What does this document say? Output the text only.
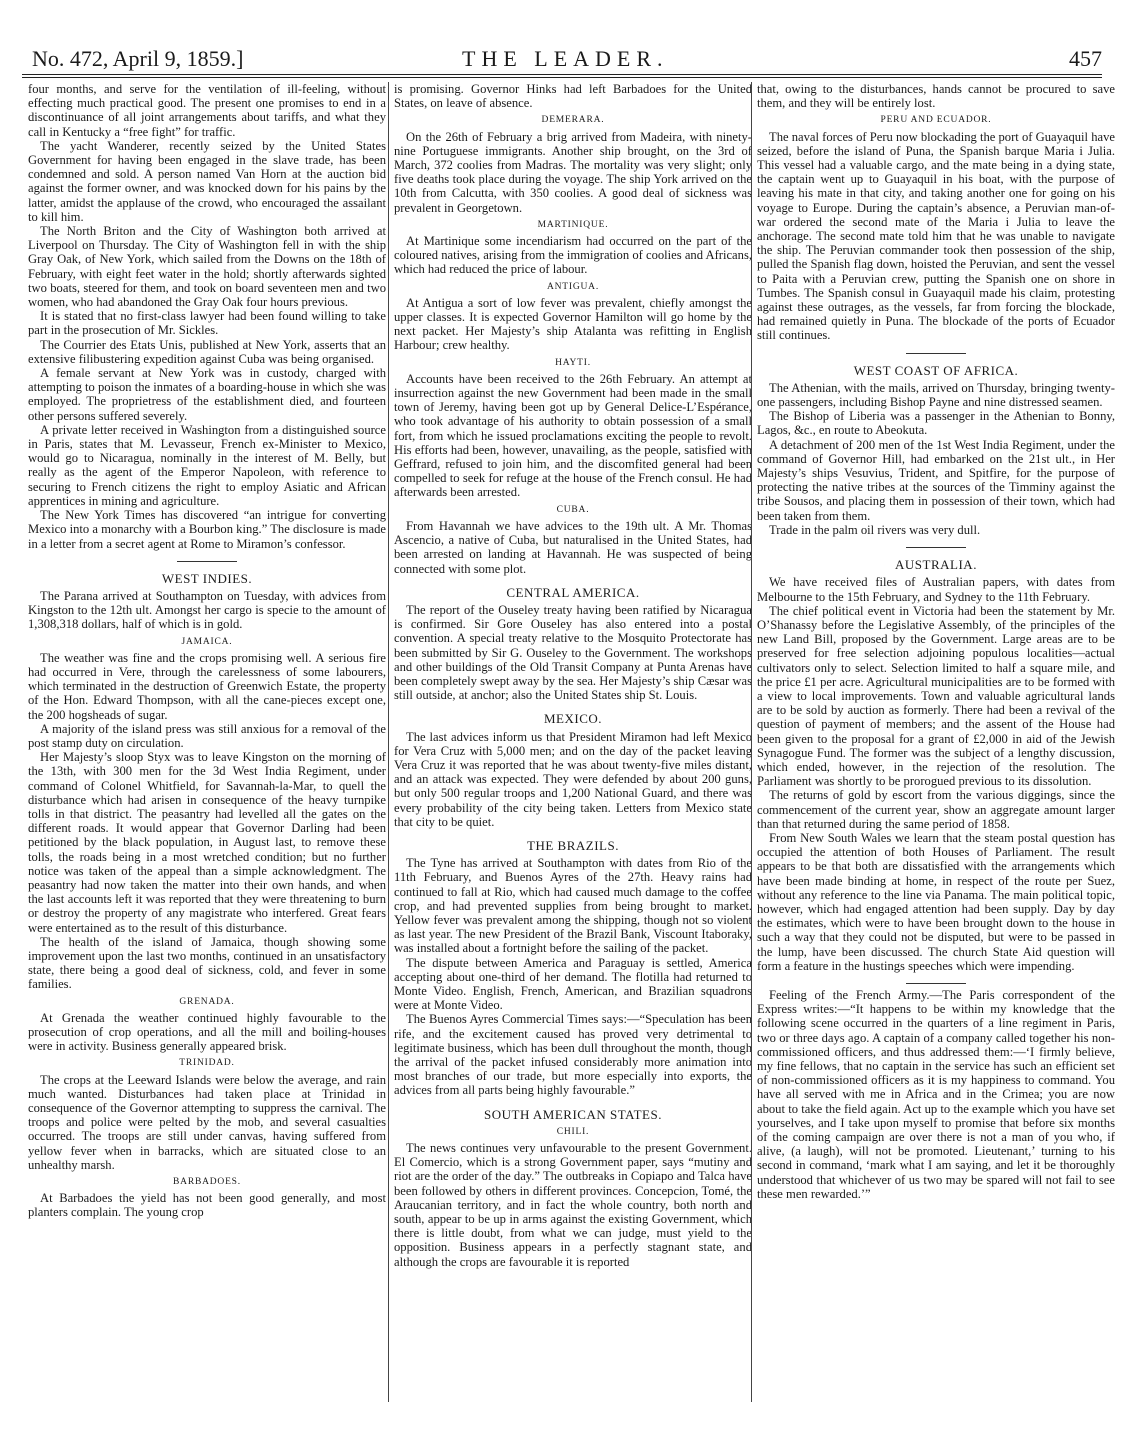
No. 472, April 9, 1859.]	THE LEADER.	457

four months, and serve for the ventilation of ill-feeling, without effecting much practical good. The present one promises to end in a discontinuance of all joint arrangements about tariffs, and what they call in Kentucky a “free fight” for traffic.

The yacht Wanderer, recently seized by the United States Government for having been engaged in the slave trade, has been condemned and sold. A person named Van Horn at the auction bid against the former owner, and was knocked down for his pains by the latter, amidst the applause of the crowd, who encouraged the assailant to kill him.

The North Briton and the City of Washington both arrived at Liverpool on Thursday. The City of Washington fell in with the ship Gray Oak, of New York, which sailed from the Downs on the 18th of February, with eight feet water in the hold; shortly afterwards sighted two boats, steered for them, and took on board seventeen men and two women, who had abandoned the Gray Oak four hours previous.

It is stated that no first-class lawyer had been found willing to take part in the prosecution of Mr. Sickles.

The Courrier des Etats Unis, published at New York, asserts that an extensive filibustering expedition against Cuba was being organised.

A female servant at New York was in custody, charged with attempting to poison the inmates of a boarding-house in which she was employed. The proprietress of the establishment died, and fourteen other persons suffered severely.

A private letter received in Washington from a distinguished source in Paris, states that M. Levasseur, French ex-Minister to Mexico, would go to Nicaragua, nominally in the interest of M. Belly, but really as the agent of the Emperor Napoleon, with reference to securing to French citizens the right to employ Asiatic and African apprentices in mining and agriculture.

The New York Times has discovered “an intrigue for converting Mexico into a monarchy with a Bourbon king.” The disclosure is made in a letter from a secret agent at Rome to Miramon’s confessor.

WEST INDIES.

The Parana arrived at Southampton on Tuesday, with advices from Kingston to the 12th ult. Amongst her cargo is specie to the amount of 1,308,318 dollars, half of which is in gold.

JAMAICA.

The weather was fine and the crops promising well. A serious fire had occurred in Vere, through the carelessness of some labourers, which terminated in the destruction of Greenwich Estate, the property of the Hon. Edward Thompson, with all the cane-pieces except one, the 200 hogsheads of sugar.

A majority of the island press was still anxious for a removal of the post stamp duty on circulation.

Her Majesty’s sloop Styx was to leave Kingston on the morning of the 13th, with 300 men for the 3d West India Regiment, under command of Colonel Whitfield, for Savannah-la-Mar, to quell the disturbance which had arisen in consequence of the heavy turnpike tolls in that district. The peasantry had levelled all the gates on the different roads. It would appear that Governor Darling had been petitioned by the black population, in August last, to remove these tolls, the roads being in a most wretched condition; but no further notice was taken of the appeal than a simple acknowledgment. The peasantry had now taken the matter into their own hands, and when the last accounts left it was reported that they were threatening to burn or destroy the property of any magistrate who interfered. Great fears were entertained as to the result of this disturbance.

The health of the island of Jamaica, though showing some improvement upon the last two months, continued in an unsatisfactory state, there being a good deal of sickness, cold, and fever in some families.

GRENADA.

At Grenada the weather continued highly favourable to the prosecution of crop operations, and all the mill and boiling-houses were in activity. Business generally appeared brisk.

TRINIDAD.

The crops at the Leeward Islands were below the average, and rain much wanted. Disturbances had taken place at Trinidad in consequence of the Governor attempting to suppress the carnival. The troops and police were pelted by the mob, and several casualties occurred. The troops are still under canvas, having suffered from yellow fever when in barracks, which are situated close to an unhealthy marsh.

BARBADOES.

At Barbadoes the yield has not been good generally, and most planters complain. The young crop

is promising. Governor Hinks had left Barbadoes for the United States, on leave of absence.

DEMERARA.

On the 26th of February a brig arrived from Madeira, with ninety-nine Portuguese immigrants. Another ship brought, on the 3rd of March, 372 coolies from Madras. The mortality was very slight; only five deaths took place during the voyage. The ship York arrived on the 10th from Calcutta, with 350 coolies. A good deal of sickness was prevalent in Georgetown.

MARTINIQUE.

At Martinique some incendiarism had occurred on the part of the coloured natives, arising from the immigration of coolies and Africans, which had reduced the price of labour.

ANTIGUA.

At Antigua a sort of low fever was prevalent, chiefly amongst the upper classes. It is expected Governor Hamilton will go home by the next packet. Her Majesty’s ship Atalanta was refitting in English Harbour; crew healthy.

HAYTI.

Accounts have been received to the 26th February. An attempt at insurrection against the new Government had been made in the small town of Jeremy, having been got up by General Delice-L’Espérance, who took advantage of his authority to obtain possession of a small fort, from which he issued proclamations exciting the people to revolt. His efforts had been, however, unavailing, as the people, satisfied with Geffrard, refused to join him, and the discomfited general had been compelled to seek for refuge at the house of the French consul. He had afterwards been arrested.

CUBA.

From Havannah we have advices to the 19th ult. A Mr. Thomas Ascencio, a native of Cuba, but naturalised in the United States, had been arrested on landing at Havannah. He was suspected of being connected with some plot.

CENTRAL AMERICA.

The report of the Ouseley treaty having been ratified by Nicaragua is confirmed. Sir Gore Ouseley has also entered into a postal convention. A special treaty relative to the Mosquito Protectorate has been submitted by Sir G. Ouseley to the Government. The workshops and other buildings of the Old Transit Company at Punta Arenas have been completely swept away by the sea. Her Majesty’s ship Cæsar was still outside, at anchor; also the United States ship St. Louis.

MEXICO.

The last advices inform us that President Miramon had left Mexico for Vera Cruz with 5,000 men; and on the day of the packet leaving Vera Cruz it was reported that he was about twenty-five miles distant, and an attack was expected. They were defended by about 200 guns, but only 500 regular troops and 1,200 National Guard, and there was every probability of the city being taken. Letters from Mexico state that city to be quiet.

THE BRAZILS.

The Tyne has arrived at Southampton with dates from Rio of the 11th February, and Buenos Ayres of the 27th. Heavy rains had continued to fall at Rio, which had caused much damage to the coffee crop, and had prevented supplies from being brought to market. Yellow fever was prevalent among the shipping, though not so violent as last year. The new President of the Brazil Bank, Viscount Itaboraky, was installed about a fortnight before the sailing of the packet.

The dispute between America and Paraguay is settled, America accepting about one-third of her demand. The flotilla had returned to Monte Video. English, French, American, and Brazilian squadrons were at Monte Video.

The Buenos Ayres Commercial Times says:—“Speculation has been rife, and the excitement caused has proved very detrimental to legitimate business, which has been dull throughout the month, though the arrival of the packet infused considerably more animation into most branches of our trade, but more especially into exports, the advices from all parts being highly favourable.”

SOUTH AMERICAN STATES.
CHILI.

The news continues very unfavourable to the present Government. El Comercio, which is a strong Government paper, says “mutiny and riot are the order of the day.” The outbreaks in Copiapo and Talca have been followed by others in different provinces. Concepcion, Tomé, the Araucanian territory, and in fact the whole country, both north and south, appear to be up in arms against the existing Government, which there is little doubt, from what we can judge, must yield to the opposition. Business appears in a perfectly stagnant state, and although the crops are favourable it is reported

that, owing to the disturbances, hands cannot be procured to save them, and they will be entirely lost.

PERU AND ECUADOR.

The naval forces of Peru now blockading the port of Guayaquil have seized, before the island of Puna, the Spanish barque Maria i Julia. This vessel had a valuable cargo, and the mate being in a dying state, the captain went up to Guayaquil in his boat, with the purpose of leaving his mate in that city, and taking another one for going on his voyage to Europe. During the captain’s absence, a Peruvian man-of-war ordered the second mate of the Maria i Julia to leave the anchorage. The second mate told him that he was unable to navigate the ship. The Peruvian commander took then possession of the ship, pulled the Spanish flag down, hoisted the Peruvian, and sent the vessel to Paita with a Peruvian crew, putting the Spanish one on shore in Tumbes. The Spanish consul in Guayaquil made his claim, protesting against these outrages, as the vessels, far from forcing the blockade, had remained quietly in Puna. The blockade of the ports of Ecuador still continues.

WEST COAST OF AFRICA.

The Athenian, with the mails, arrived on Thursday, bringing twenty-one passengers, including Bishop Payne and nine distressed seamen.

The Bishop of Liberia was a passenger in the Athenian to Bonny, Lagos, &c., en route to Abeokuta.

A detachment of 200 men of the 1st West India Regiment, under the command of Governor Hill, had embarked on the 21st ult., in Her Majesty’s ships Vesuvius, Trident, and Spitfire, for the purpose of protecting the native tribes at the sources of the Timminy against the tribe Sousos, and placing them in possession of their town, which had been taken from them.

Trade in the palm oil rivers was very dull.

AUSTRALIA.

We have received files of Australian papers, with dates from Melbourne to the 15th February, and Sydney to the 11th February.

The chief political event in Victoria had been the statement by Mr. O’Shanassy before the Legislative Assembly, of the principles of the new Land Bill, proposed by the Government. Large areas are to be preserved for free selection adjoining populous localities—actual cultivators only to select. Selection limited to half a square mile, and the price £1 per acre. Agricultural municipalities are to be formed with a view to local improvements. Town and valuable agricultural lands are to be sold by auction as formerly. There had been a revival of the question of payment of members; and the assent of the House had been given to the proposal for a grant of £2,000 in aid of the Jewish Synagogue Fund. The former was the subject of a lengthy discussion, which ended, however, in the rejection of the resolution. The Parliament was shortly to be prorogued previous to its dissolution.

The returns of gold by escort from the various diggings, since the commencement of the current year, show an aggregate amount larger than that returned during the same period of 1858.

From New South Wales we learn that the steam postal question has occupied the attention of both Houses of Parliament. The result appears to be that both are dissatisfied with the arrangements which have been made binding at home, in respect of the route per Suez, without any reference to the line via Panama. The main political topic, however, which had engaged attention had been supply. Day by day the estimates, which were to have been brought down to the house in such a way that they could not be disputed, but were to be passed in the lump, have been discussed. The church State Aid question will form a feature in the hustings speeches which were impending.

Feeling of the French Army.—The Paris correspondent of the Express writes:—“It happens to be within my knowledge that the following scene occurred in the quarters of a line regiment in Paris, two or three days ago. A captain of a company called together his non-commissioned officers, and thus addressed them:—‘I firmly believe, my fine fellows, that no captain in the service has such an efficient set of non-commissioned officers as it is my happiness to command. You have all served with me in Africa and in the Crimea; you are now about to take the field again. Act up to the example which you have set yourselves, and I take upon myself to promise that before six months of the coming campaign are over there is not a man of you who, if alive, (a laugh), will not be promoted. Lieutenant,’ turning to his second in command, ‘mark what I am saying, and let it be thoroughly understood that whichever of us two may be spared will not fail to see these men rewarded.’”
